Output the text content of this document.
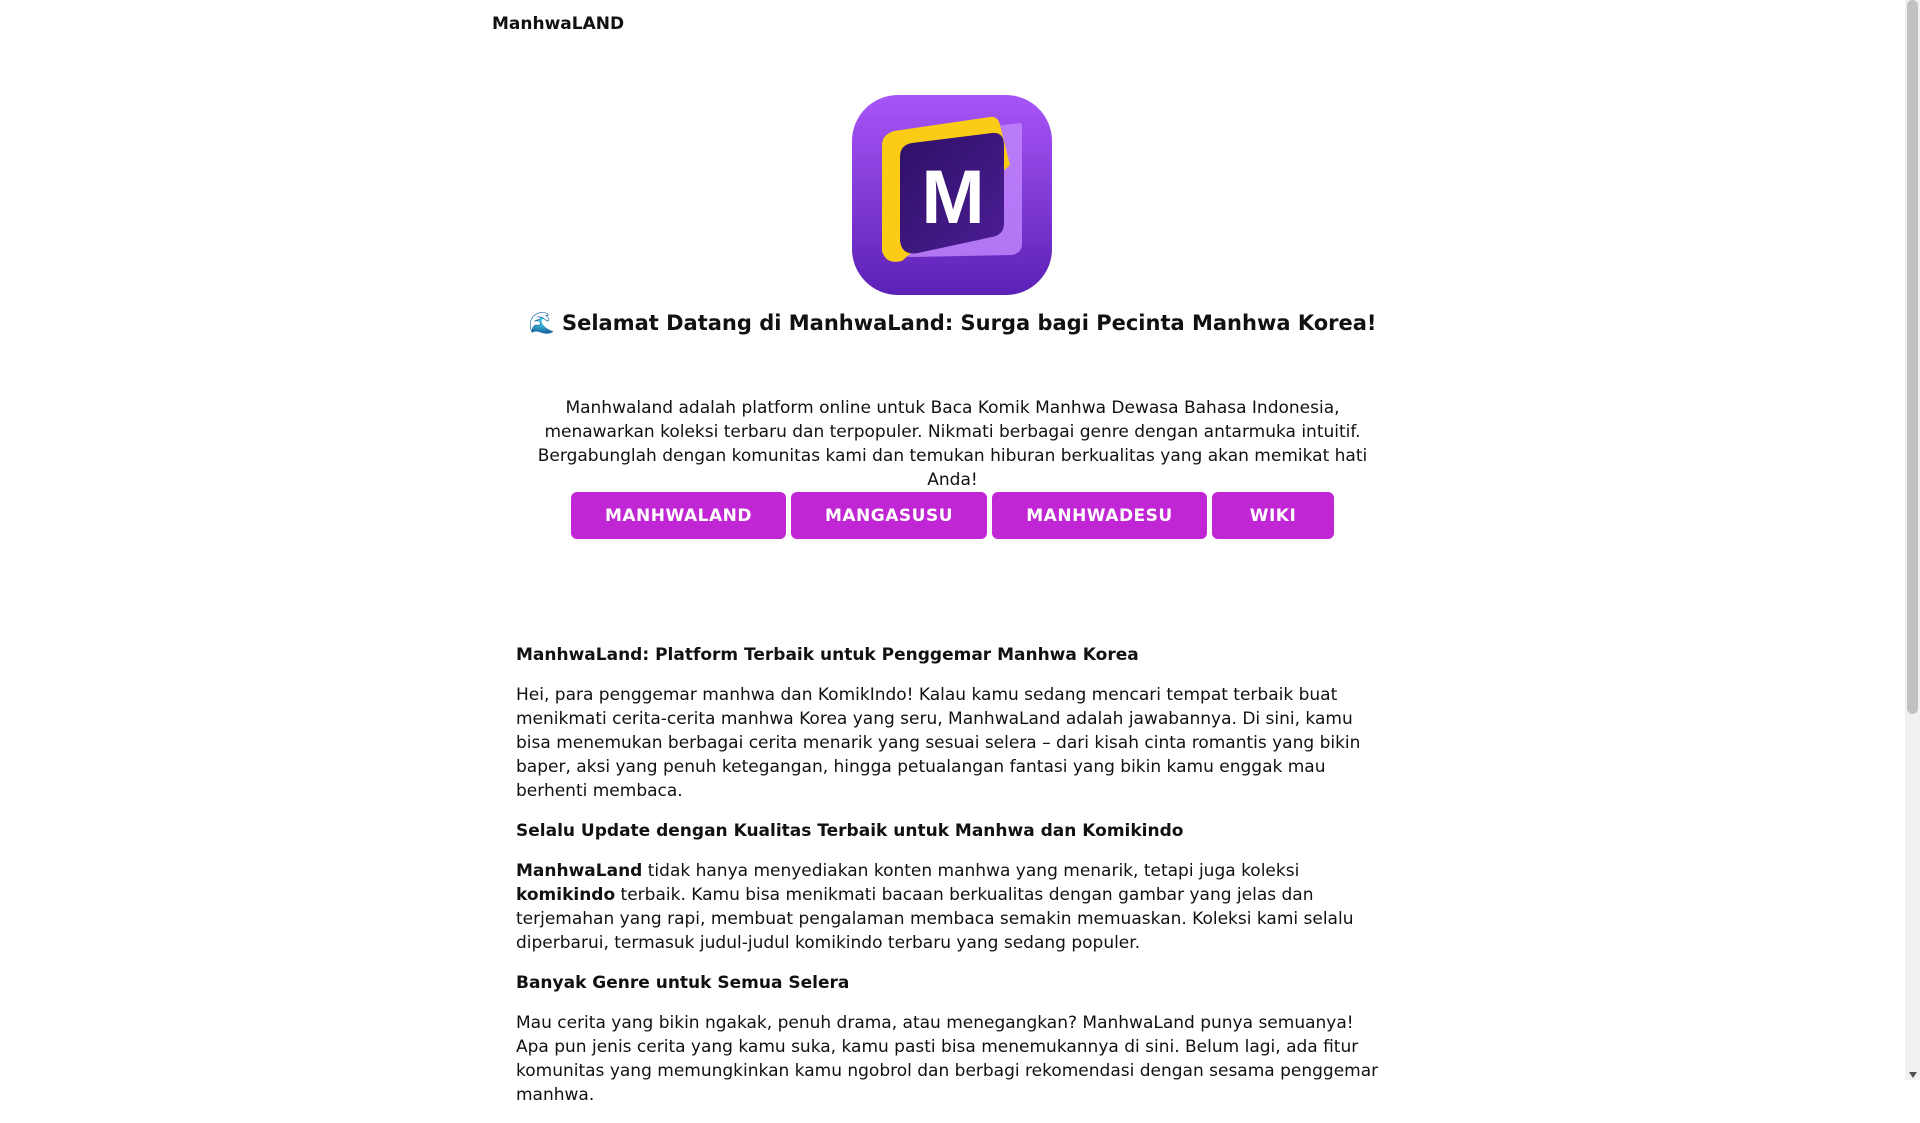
ManhwaLAND
M
🌊 Selamat Datang di ManhwaLand: Surga bagi Pecinta Manhwa Korea!

Manhwaland adalah platform online untuk Baca Komik Manhwa Dewasa Bahasa Indonesia, menawarkan koleksi terbaru dan terpopuler. Nikmati berbagai genre dengan antarmuka intuitif. Bergabunglah dengan komunitas kami dan temukan hiburan berkualitas yang akan memikat hati Anda!

MANHWALAND	MANGASUSU	MANHWADESU	WIKI
ManhwaLand: Platform Terbaik untuk Penggemar Manhwa Korea

Hei, para penggemar manhwa dan KomikIndo! Kalau kamu sedang mencari tempat terbaik buat menikmati cerita-cerita manhwa Korea yang seru, ManhwaLand adalah jawabannya. Di sini, kamu bisa menemukan berbagai cerita menarik yang sesuai selera – dari kisah cinta romantis yang bikin baper, aksi yang penuh ketegangan, hingga petualangan fantasi yang bikin kamu enggak mau berhenti membaca.

Selalu Update dengan Kualitas Terbaik untuk Manhwa dan Komikindo

ManhwaLand tidak hanya menyediakan konten manhwa yang menarik, tetapi juga koleksi komikindo terbaik. Kamu bisa menikmati bacaan berkualitas dengan gambar yang jelas dan terjemahan yang rapi, membuat pengalaman membaca semakin memuaskan. Koleksi kami selalu diperbarui, termasuk judul-judul komikindo terbaru yang sedang populer.

Banyak Genre untuk Semua Selera

Mau cerita yang bikin ngakak, penuh drama, atau menegangkan? ManhwaLand punya semuanya! Apa pun jenis cerita yang kamu suka, kamu pasti bisa menemukannya di sini. Belum lagi, ada fitur komunitas yang memungkinkan kamu ngobrol dan berbagi rekomendasi dengan sesama penggemar manhwa.
